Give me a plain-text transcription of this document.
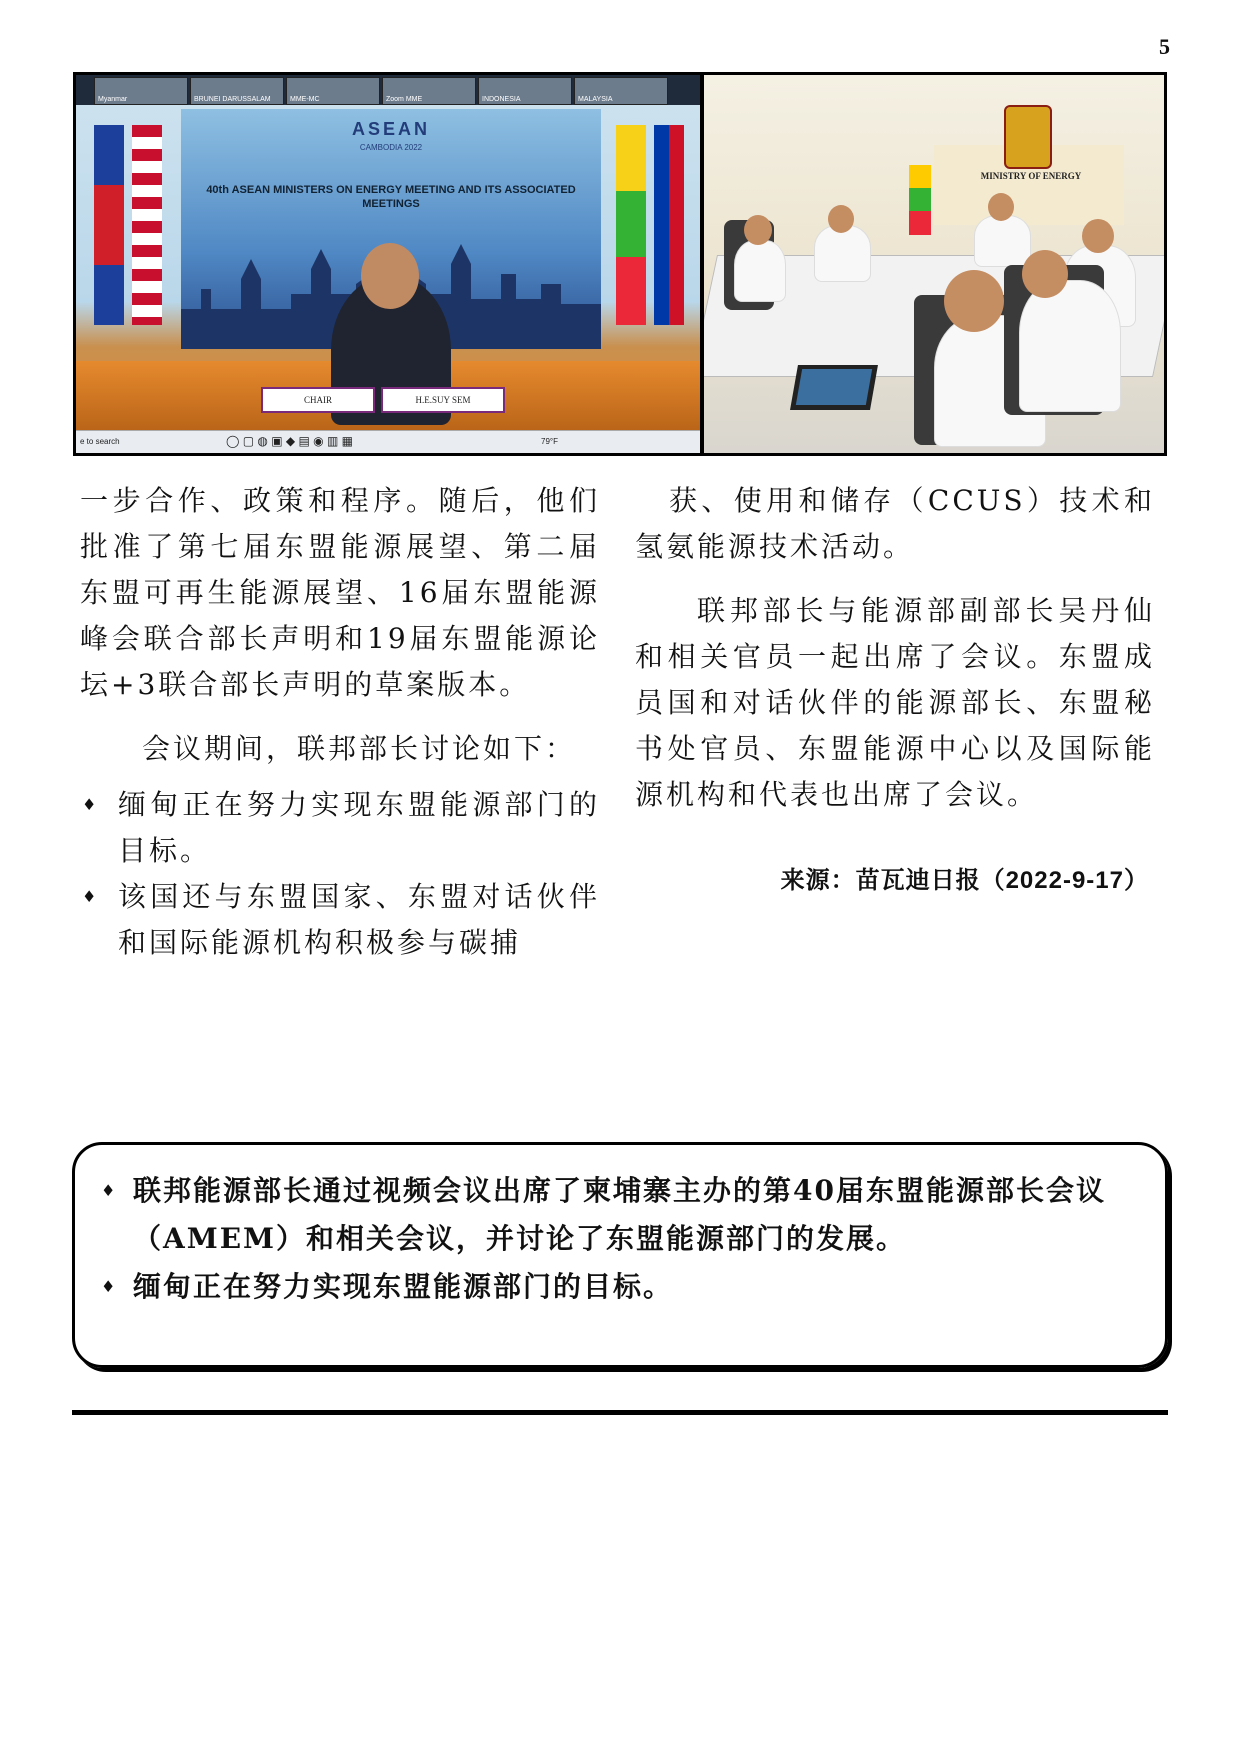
5
Myanmar	BRUNEI DARUSSALAM	MME-MC	Zoom MME	INDONESIA	MALAYSIA
ASEAN
CAMBODIA 2022
40th ASEAN MINISTERS ON ENERGY MEETING AND ITS ASSOCIATED MEETINGS
CHAIR	H.E.SUY SEM
e to search	◯ ▢ ◍ ▣ ◆ ▤ ◉ ▥ ▦	79°F
MINISTRY OF ENERGY

一步合作、政策和程序。随后，他们批准了第七届东盟能源展望、第二届东盟可再生能源展望、16届东盟能源峰会联合部长声明和19届东盟能源论坛+3联合部长声明的草案版本。

会议期间，联邦部长讨论如下：

♦ 缅甸正在努力实现东盟能源部门的目标。
♦ 该国还与东盟国家、东盟对话伙伴和国际能源机构积极参与碳捕

获、使用和储存（CCUS）技术和氢氨能源技术活动。

联邦部长与能源部副部长吴丹仙和相关官员一起出席了会议。东盟成员国和对话伙伴的能源部长、东盟秘书处官员、东盟能源中心以及国际能源机构和代表也出席了会议。

来源：苗瓦迪日报（2022-9-17）

♦ 联邦能源部长通过视频会议出席了柬埔寨主办的第40届东盟能源部长会议（AMEM）和相关会议，并讨论了东盟能源部门的发展。
♦ 缅甸正在努力实现东盟能源部门的目标。
